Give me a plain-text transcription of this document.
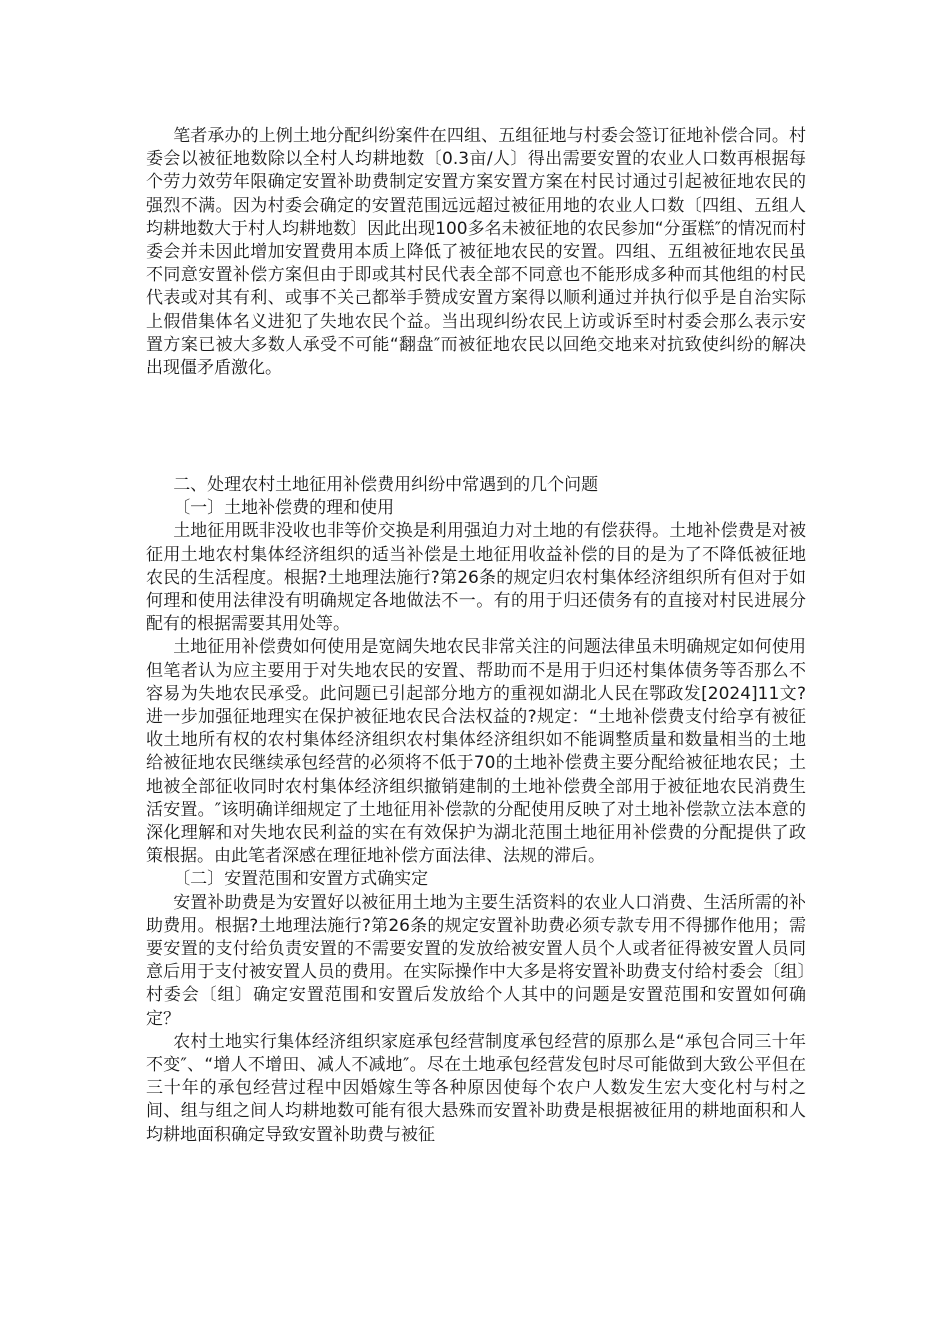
笔者承办的上例土地分配纠纷案件在四组、五组征地与村委会签订征地补偿合同。村委会以被征地数除以全村人均耕地数〔0.3亩/人〕得出需要安置的农业人口数再根据每个劳力效劳年限确定安置补助费制定安置方案安置方案在村民讨通过引起被征地农民的强烈不满。因为村委会确定的安置范围远远超过被征用地的农业人口数〔四组、五组人均耕地数大于村人均耕地数〕因此出现100多名未被征地的农民参加“分蛋糕″的情况而村委会并未因此增加安置费用本质上降低了被征地农民的安置。四组、五组被征地农民虽不同意安置补偿方案但由于即或其村民代表全部不同意也不能形成多种而其他组的村民代表或对其有利、或事不关己都举手赞成安置方案得以顺利通过并执行似乎是自治实际上假借集体名义进犯了失地农民个益。当出现纠纷农民上访或诉至时村委会那么表示安置方案已被大多数人承受不可能“翻盘″而被征地农民以回绝交地来对抗致使纠纷的解决出现僵矛盾激化。

二、处理农村土地征用补偿费用纠纷中常遇到的几个问题

〔一〕土地补偿费的理和使用

土地征用既非没收也非等价交换是利用强迫力对土地的有偿获得。土地补偿费是对被征用土地农村集体经济组织的适当补偿是土地征用收益补偿的目的是为了不降低被征地农民的生活程度。根据?土地理法施行?第26条的规定归农村集体经济组织所有但对于如何理和使用法律没有明确规定各地做法不一。有的用于归还债务有的直接对村民进展分配有的根据需要其用处等。

土地征用补偿费如何使用是宽阔失地农民非常关注的问题法律虽未明确规定如何使用但笔者认为应主要用于对失地农民的安置、帮助而不是用于归还村集体债务等否那么不容易为失地农民承受。此问题已引起部分地方的重视如湖北人民在鄂政发[2024]11文?进一步加强征地理实在保护被征地农民合法权益的?规定：“土地补偿费支付给享有被征收土地所有权的农村集体经济组织农村集体经济组织如不能调整质量和数量相当的土地给被征地农民继续承包经营的必须将不低于70的土地补偿费主要分配给被征地农民；土地被全部征收同时农村集体经济组织撤销建制的土地补偿费全部用于被征地农民消费生活安置。″该明确详细规定了土地征用补偿款的分配使用反映了对土地补偿款立法本意的深化理解和对失地农民利益的实在有效保护为湖北范围土地征用补偿费的分配提供了政策根据。由此笔者深感在理征地补偿方面法律、法规的滞后。

〔二〕安置范围和安置方式确实定

安置补助费是为安置好以被征用土地为主要生活资料的农业人口消费、生活所需的补助费用。根据?土地理法施行?第26条的规定安置补助费必须专款专用不得挪作他用；需要安置的支付给负责安置的不需要安置的发放给被安置人员个人或者征得被安置人员同意后用于支付被安置人员的费用。在实际操作中大多是将安置补助费支付给村委会〔组〕村委会〔组〕确定安置范围和安置后发放给个人其中的问题是安置范围和安置如何确定？

农村土地实行集体经济组织家庭承包经营制度承包经营的原那么是“承包合同三十年不变″、“增人不增田、减人不减地″。尽在土地承包经营发包时尽可能做到大致公平但在三十年的承包经营过程中因婚嫁生等各种原因使每个农户人数发生宏大变化村与村之间、组与组之间人均耕地数可能有很大悬殊而安置补助费是根据被征用的耕地面积和人均耕地面积确定导致安置补助费与被征
